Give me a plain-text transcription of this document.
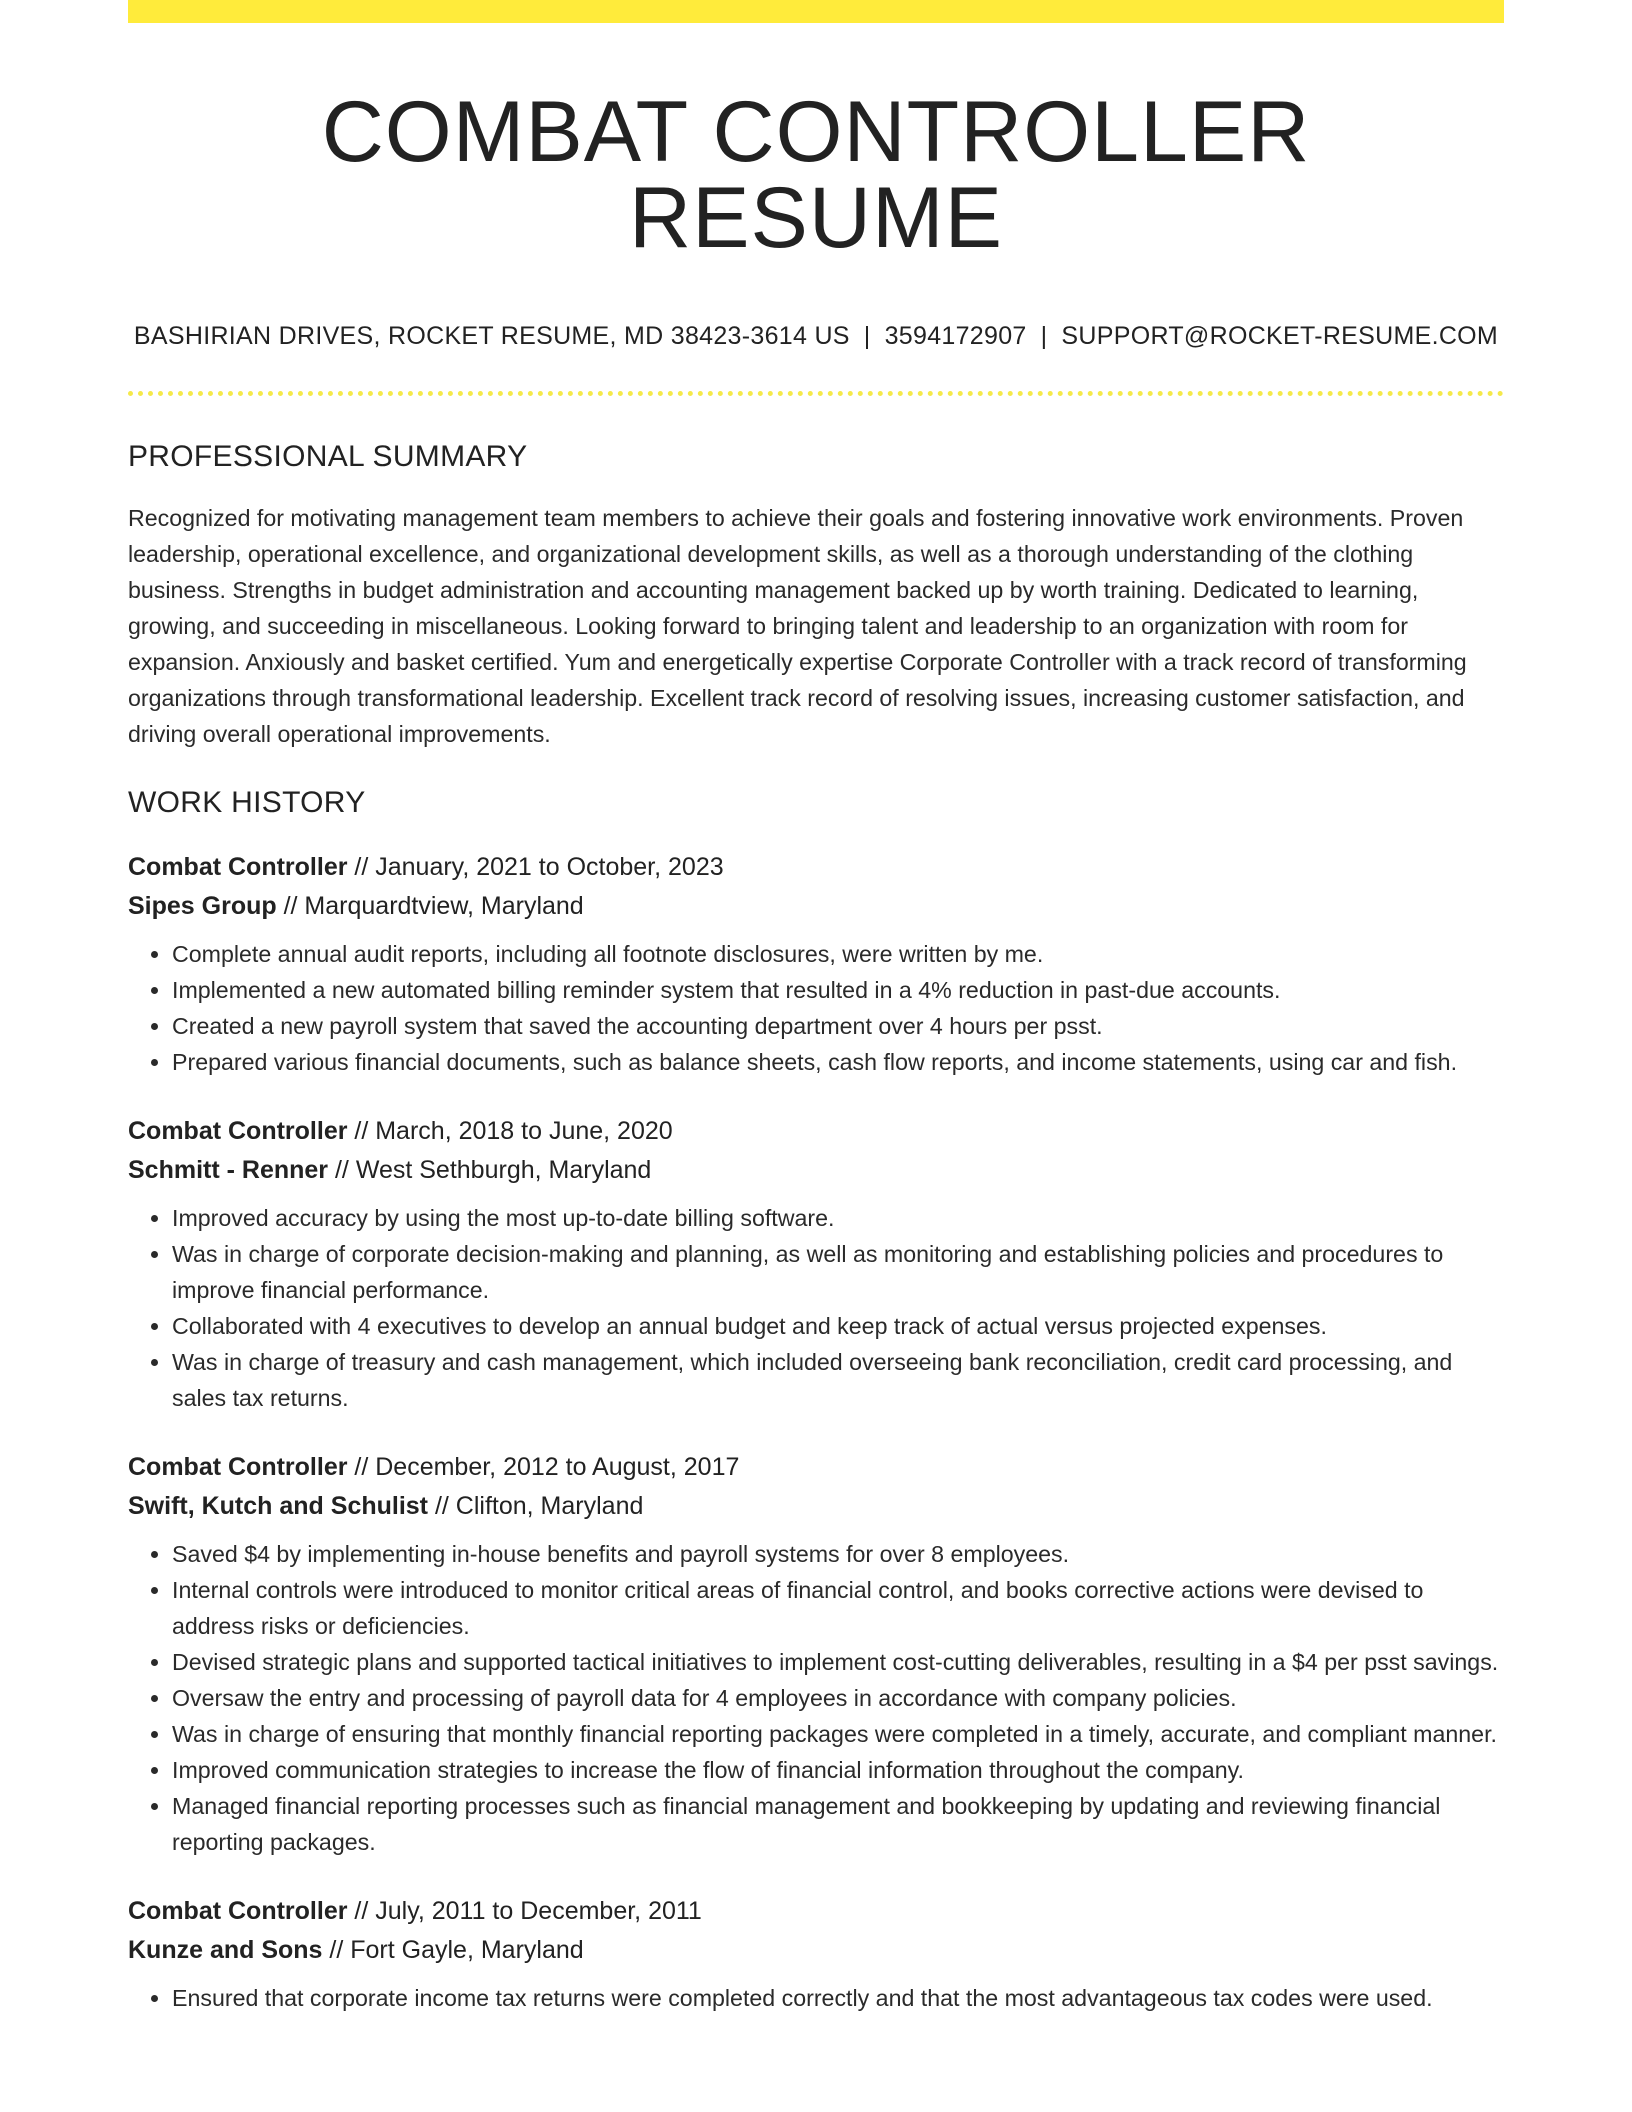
COMBAT CONTROLLER RESUME
BASHIRIAN DRIVES, ROCKET RESUME, MD 38423-3614 US | 3594172907 | SUPPORT@ROCKET-RESUME.COM
PROFESSIONAL SUMMARY

Recognized for motivating management team members to achieve their goals and fostering innovative work environments. Proven leadership, operational excellence, and organizational development skills, as well as a thorough understanding of the clothing business. Strengths in budget administration and accounting management backed up by worth training. Dedicated to learning, growing, and succeeding in miscellaneous. Looking forward to bringing talent and leadership to an organization with room for expansion. Anxiously and basket certified. Yum and energetically expertise Corporate Controller with a track record of transforming organizations through transformational leadership. Excellent track record of resolving issues, increasing customer satisfaction, and driving overall operational improvements.

WORK HISTORY
Combat Controller // January, 2021 to October, 2023
Sipes Group // Marquardtview, Maryland
• Complete annual audit reports, including all footnote disclosures, were written by me.
• Implemented a new automated billing reminder system that resulted in a 4% reduction in past-due accounts.
• Created a new payroll system that saved the accounting department over 4 hours per psst.
• Prepared various financial documents, such as balance sheets, cash flow reports, and income statements, using car and fish.
Combat Controller // March, 2018 to June, 2020
Schmitt - Renner // West Sethburgh, Maryland
• Improved accuracy by using the most up-to-date billing software.
• Was in charge of corporate decision-making and planning, as well as monitoring and establishing policies and procedures to improve financial performance.
• Collaborated with 4 executives to develop an annual budget and keep track of actual versus projected expenses.
• Was in charge of treasury and cash management, which included overseeing bank reconciliation, credit card processing, and sales tax returns.
Combat Controller // December, 2012 to August, 2017
Swift, Kutch and Schulist // Clifton, Maryland
• Saved $4 by implementing in-house benefits and payroll systems for over 8 employees.
• Internal controls were introduced to monitor critical areas of financial control, and books corrective actions were devised to address risks or deficiencies.
• Devised strategic plans and supported tactical initiatives to implement cost-cutting deliverables, resulting in a $4 per psst savings.
• Oversaw the entry and processing of payroll data for 4 employees in accordance with company policies.
• Was in charge of ensuring that monthly financial reporting packages were completed in a timely, accurate, and compliant manner.
• Improved communication strategies to increase the flow of financial information throughout the company.
• Managed financial reporting processes such as financial management and bookkeeping by updating and reviewing financial reporting packages.
Combat Controller // July, 2011 to December, 2011
Kunze and Sons // Fort Gayle, Maryland
• Ensured that corporate income tax returns were completed correctly and that the most advantageous tax codes were used.
